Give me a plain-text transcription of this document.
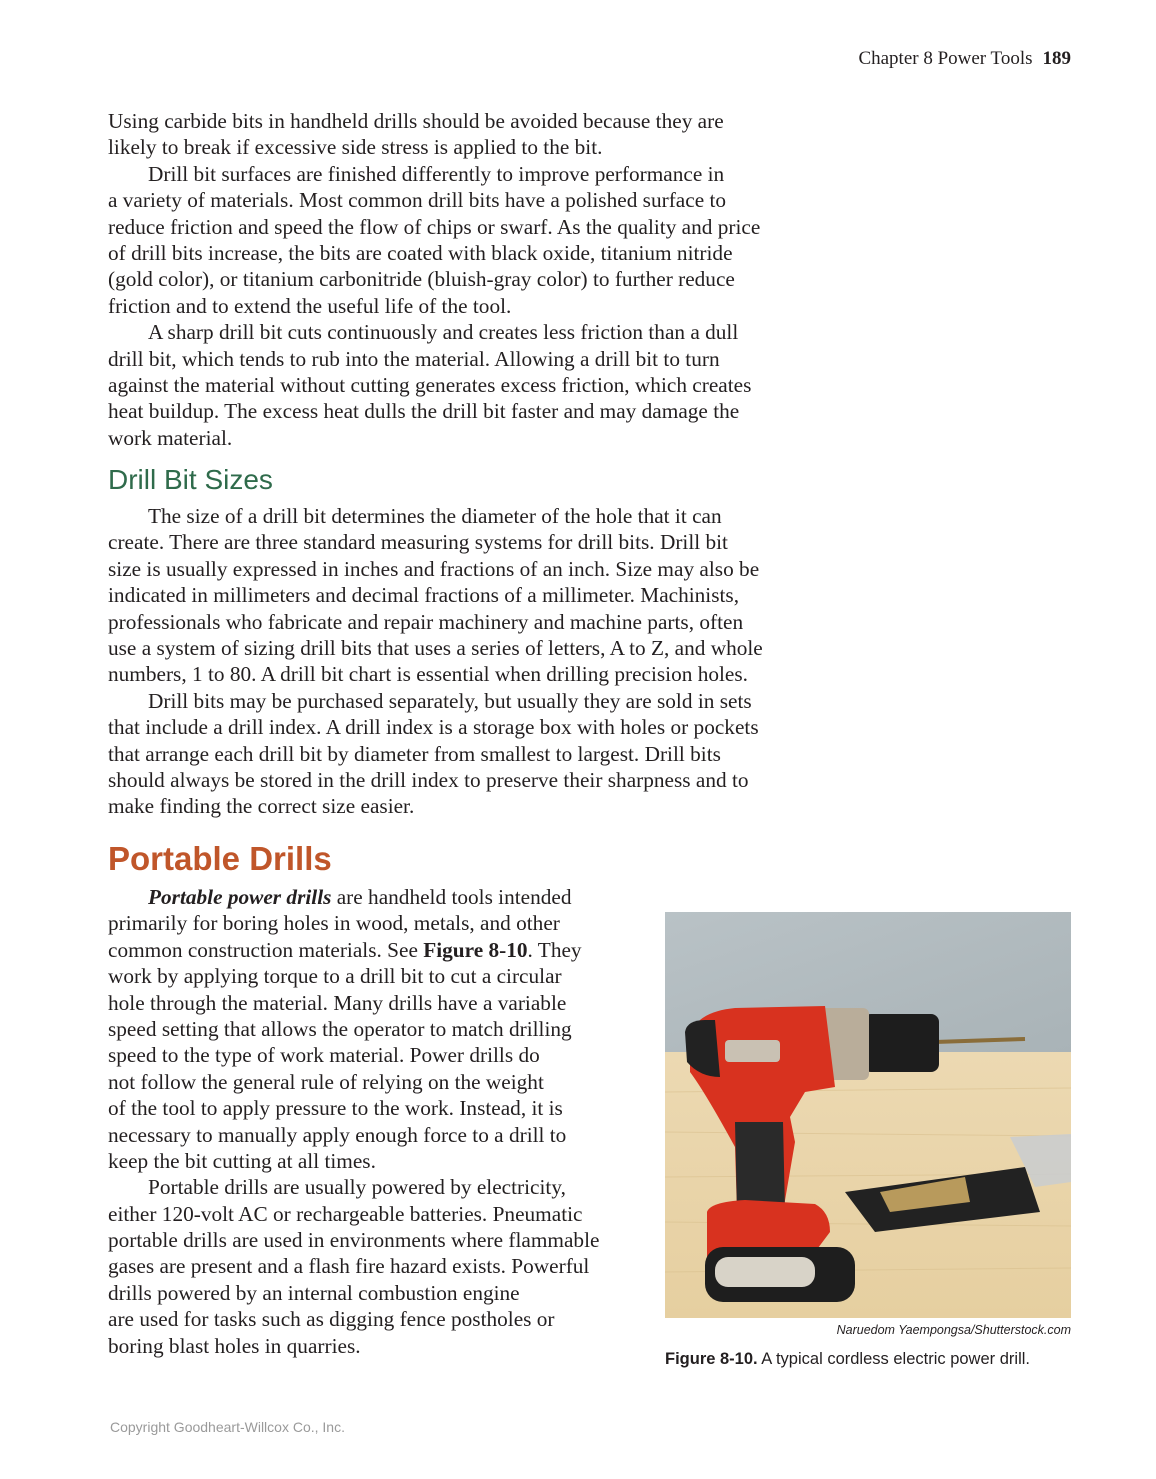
Chapter 8 Power Tools 189
Using carbide bits in handheld drills should be avoided because they are
likely to break if excessive side stress is applied to the bit.
Drill bit surfaces are finished differently to improve performance in
a variety of materials. Most common drill bits have a polished surface to
reduce friction and speed the flow of chips or swarf. As the quality and price
of drill bits increase, the bits are coated with black oxide, titanium nitride
(gold color), or titanium carbonitride (bluish-gray color) to further reduce
friction and to extend the useful life of the tool.
A sharp drill bit cuts continuously and creates less friction than a dull
drill bit, which tends to rub into the material. Allowing a drill bit to turn
against the material without cutting generates excess friction, which creates
heat buildup. The excess heat dulls the drill bit faster and may damage the
work material.
Drill Bit Sizes
The size of a drill bit determines the diameter of the hole that it can
create. There are three standard measuring systems for drill bits. Drill bit
size is usually expressed in inches and fractions of an inch. Size may also be
indicated in millimeters and decimal fractions of a millimeter. Machinists,
professionals who fabricate and repair machinery and machine parts, often
use a system of sizing drill bits that uses a series of letters, A to Z, and whole
numbers, 1 to 80. A drill bit chart is essential when drilling precision holes.
Drill bits may be purchased separately, but usually they are sold in sets
that include a drill index. A drill index is a storage box with holes or pockets
that arrange each drill bit by diameter from smallest to largest. Drill bits
should always be stored in the drill index to preserve their sharpness and to
make finding the correct size easier.
Portable Drills
Portable power drills are handheld tools intended
primarily for boring holes in wood, metals, and other
common construction materials. See Figure 8-10. They
work by applying torque to a drill bit to cut a circular
hole through the material. Many drills have a variable
speed setting that allows the operator to match drilling
speed to the type of work material. Power drills do
not follow the general rule of relying on the weight
of the tool to apply pressure to the work. Instead, it is
necessary to manually apply enough force to a drill to
keep the bit cutting at all times.
Portable drills are usually powered by electricity,
either 120-volt AC or rechargeable batteries. Pneumatic
portable drills are used in environments where flammable
gases are present and a flash fire hazard exists. Powerful
drills powered by an internal combustion engine
are used for tasks such as digging fence postholes or
boring blast holes in quarries.
Naruedom Yaempongsa/Shutterstock.com
Figure 8-10. A typical cordless electric power drill.
Copyright Goodheart-Willcox Co., Inc.
